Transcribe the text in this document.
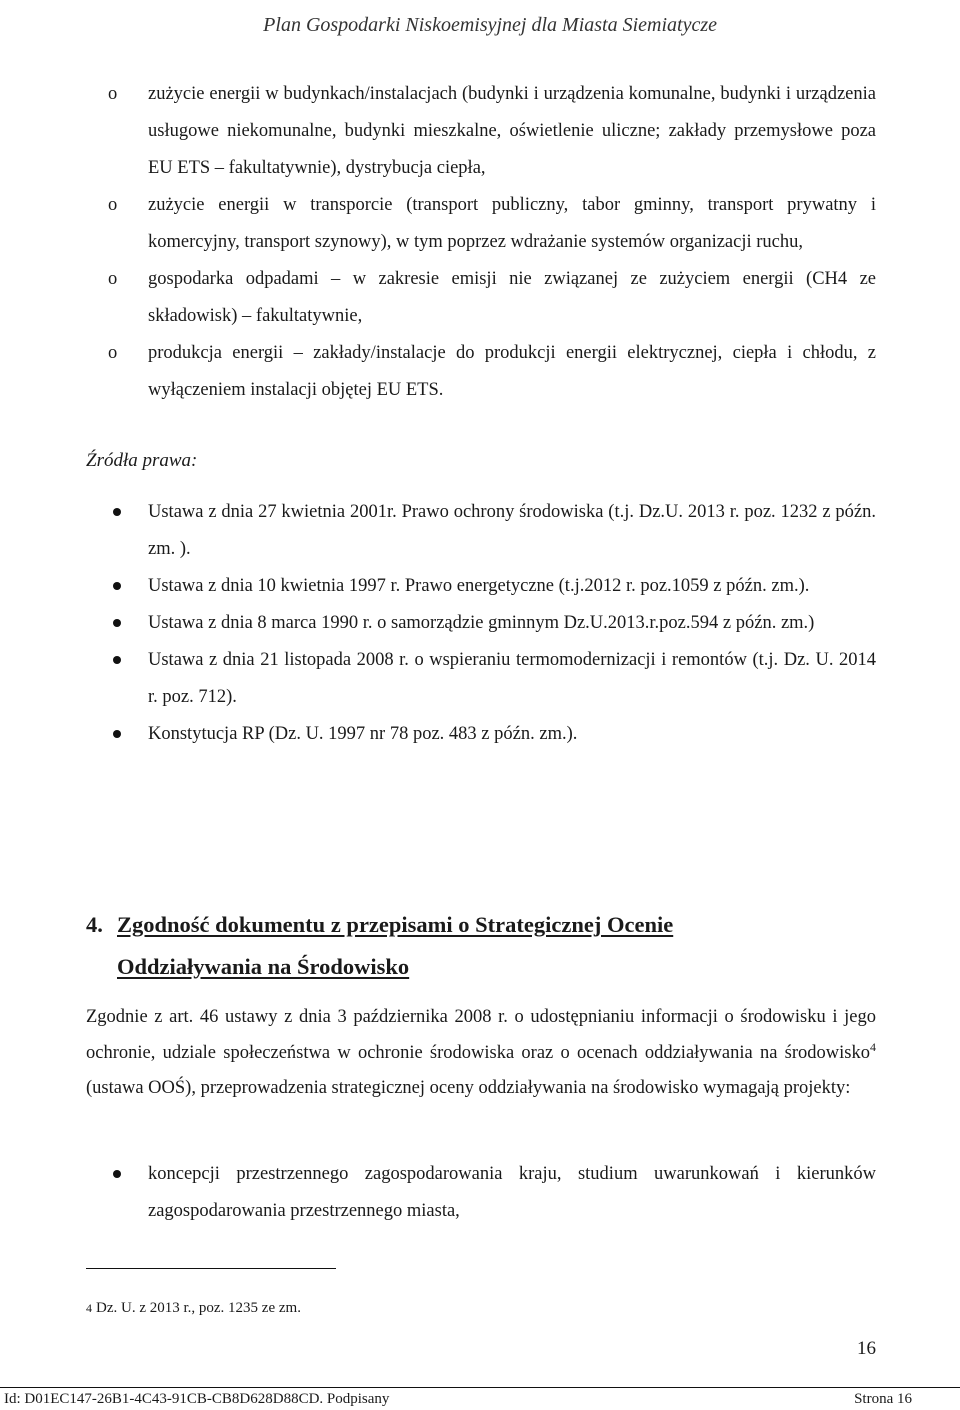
Plan Gospodarki Niskoemisyjnej dla Miasta Siemiatycze
o zużycie energii w budynkach/instalacjach (budynki i urządzenia komunalne, budynki i urządzenia usługowe niekomunalne, budynki mieszkalne, oświetlenie uliczne; zakłady przemysłowe poza EU ETS – fakultatywnie), dystrybucja ciepła,
o zużycie energii w transporcie (transport publiczny, tabor gminny, transport prywatny i komercyjny, transport szynowy), w tym poprzez wdrażanie systemów organizacji ruchu,
o gospodarka odpadami – w zakresie emisji nie związanej ze zużyciem energii (CH4 ze składowisk) – fakultatywnie,
o produkcja energii – zakłady/instalacje do produkcji energii elektrycznej, ciepła i chłodu, z wyłączeniem instalacji objętej EU ETS.
Źródła prawa:
Ustawa z dnia 27 kwietnia 2001r. Prawo ochrony środowiska (t.j. Dz.U. 2013 r. poz. 1232 z późn. zm. ).
Ustawa z dnia 10 kwietnia 1997 r. Prawo energetyczne (t.j.2012 r. poz.1059 z późn. zm.).
Ustawa z dnia 8 marca 1990 r. o samorządzie gminnym Dz.U.2013.r.poz.594 z późn. zm.)
Ustawa z dnia 21 listopada 2008 r. o wspieraniu termomodernizacji i remontów (t.j. Dz. U. 2014 r. poz. 712).
Konstytucja RP (Dz. U. 1997 nr 78 poz. 483 z późn. zm.).
4. Zgodność dokumentu z przepisami o Strategicznej Ocenie
Oddziaływania na Środowisko
Zgodnie z art. 46 ustawy z dnia 3 października 2008 r. o udostępnianiu informacji o środowisku i jego ochronie, udziale społeczeństwa w ochronie środowiska oraz o ocenach oddziaływania na środowisko$^4$ (ustawa OOŚ), przeprowadzenia strategicznej oceny oddziaływania na środowisko wymagają projekty:
koncepcji przestrzennego zagospodarowania kraju, studium uwarunkowań i kierunków zagospodarowania przestrzennego miasta,
4 Dz. U. z 2013 r., poz. 1235 ze zm.
16
Id: D01EC147-26B1-4C43-91CB-CB8D628D88CD. Podpisany	Strona 16
